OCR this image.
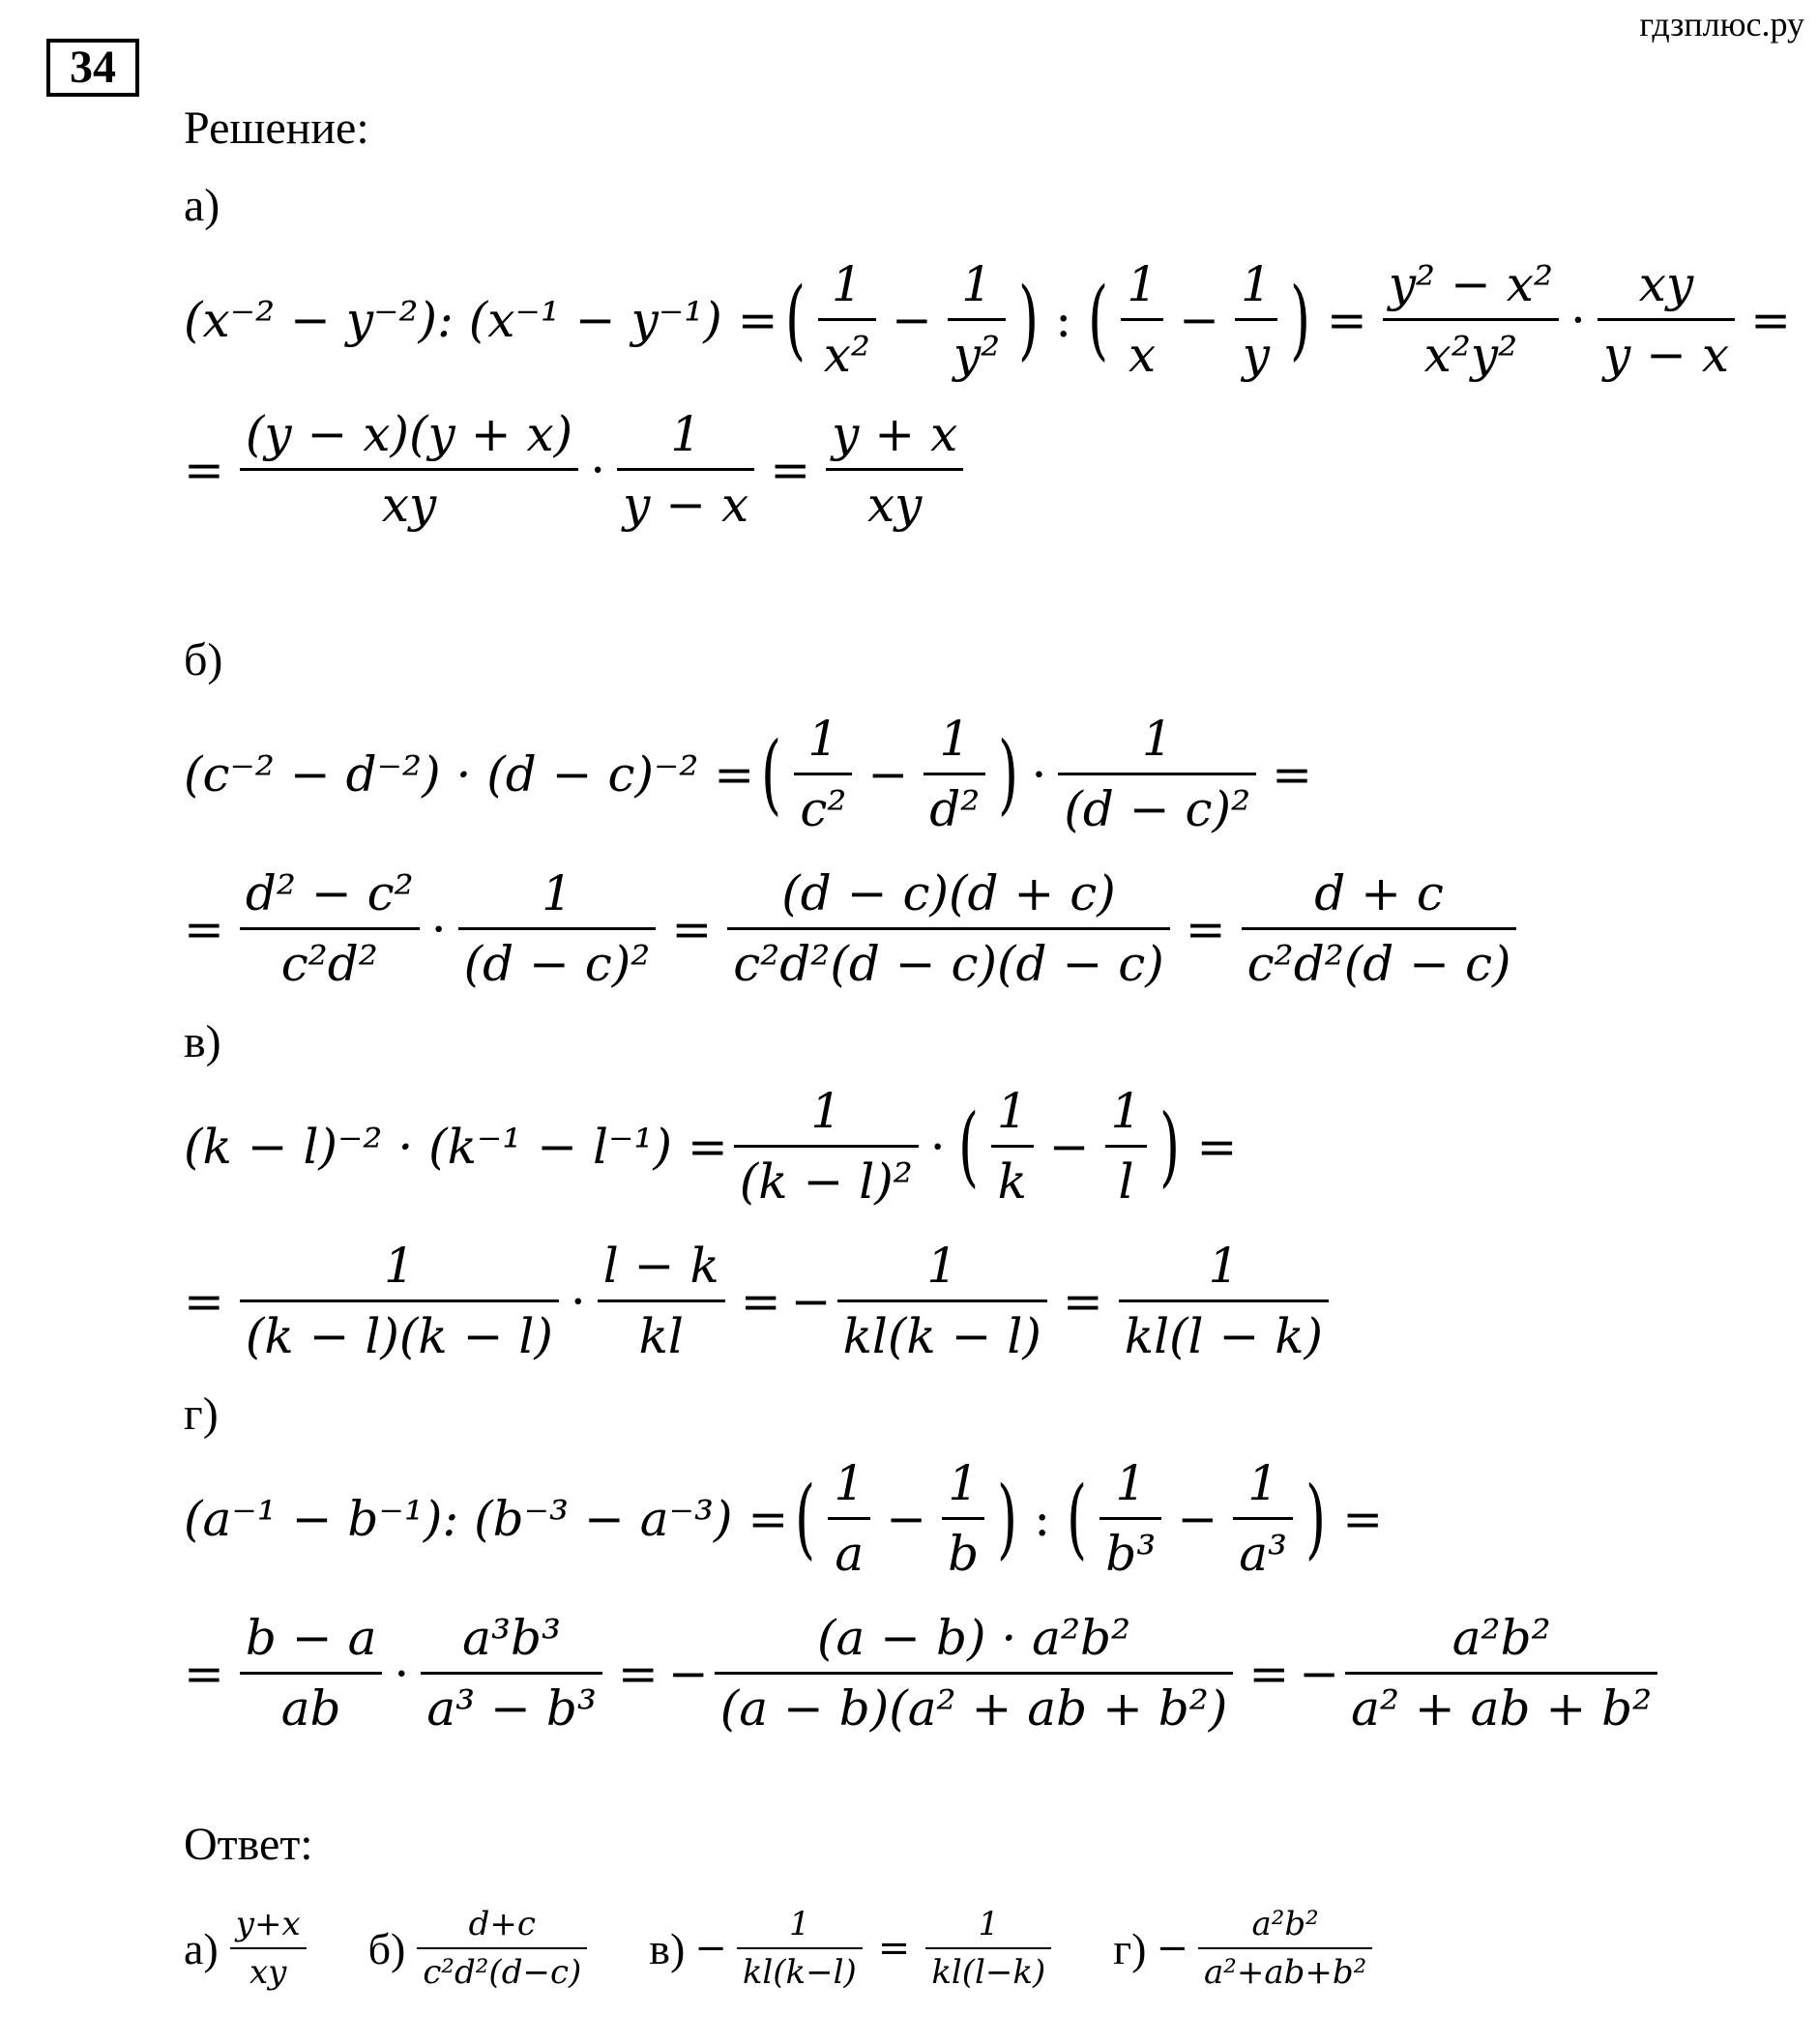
34
гдзплюс.ру
Решение:
а)
(x⁻² − y⁻²): (x⁻¹ − y⁻¹) = ( $\frac{1}{\text{x²}} - \frac{1}{\text{y²}}$ ) : ( $\frac{1}{x} - \frac{1}{y}$ ) = $\frac{\text{y² − x²}}{\text{x²y²}} \cdot \frac{xy}{y - x}$ =
= $\frac{(y - x)(y + x)}{xy} \cdot \frac{1}{y - x} = \frac{y + x}{xy}$
б)
(c⁻² − d⁻²) · (d − c)⁻² = ( $\frac{1}{\text{c²}} - \frac{1}{\text{d²}}$ ) · $\frac{1}{\text{(d − c)²}}$ =
= $\frac{\text{d² − c²}}{\text{c²d²}} \cdot \frac{1}{\text{(d − c)²}} = \frac{(d - c)(d + c)}{\text{c²d²(d − c)(d − c)}} = \frac{d + c}{\text{c²d²(d − c)}}$
в)
$(k - l)^{-2} \cdot (k^{-1} - l^{-1}) = \frac{1}{\text{(k − l)²}}$ · ( $\frac{1}{k} - \frac{1}{l}$ ) =
= $\frac{1}{(k - l)(k - l)} \cdot \frac{l - k}{kl}$ = − $\frac{1}{kl(k - l)} = \frac{1}{kl(l - k)}$
г)
(a⁻¹ − b⁻¹): (b⁻³ − a⁻³) = ( $\frac{1}{a} - \frac{1}{b}$ ) : ( $\frac{1}{\text{b³}} - \frac{1}{\text{a³}}$ ) =
= $\frac{b - a}{ab} \cdot \frac{\text{a³b³}}{\text{a³ − b³}}$ = − $\frac{\text{(a − b) · a²b²}}{\text{(a − b)(a² + ab + b²)}}$ = − $\frac{\text{a²b²}}{\text{a² + ab + b²}}$
Ответ:
$а) \frac{y+x}{xy} б) \frac{d+c}{\text{c²d²(d−c)}} в) - \frac{1}{kl(k-l)} = \frac{1}{kl(l-k)} г) - \frac{\text{a²b²}}{\text{a²+ab+b²}}$
